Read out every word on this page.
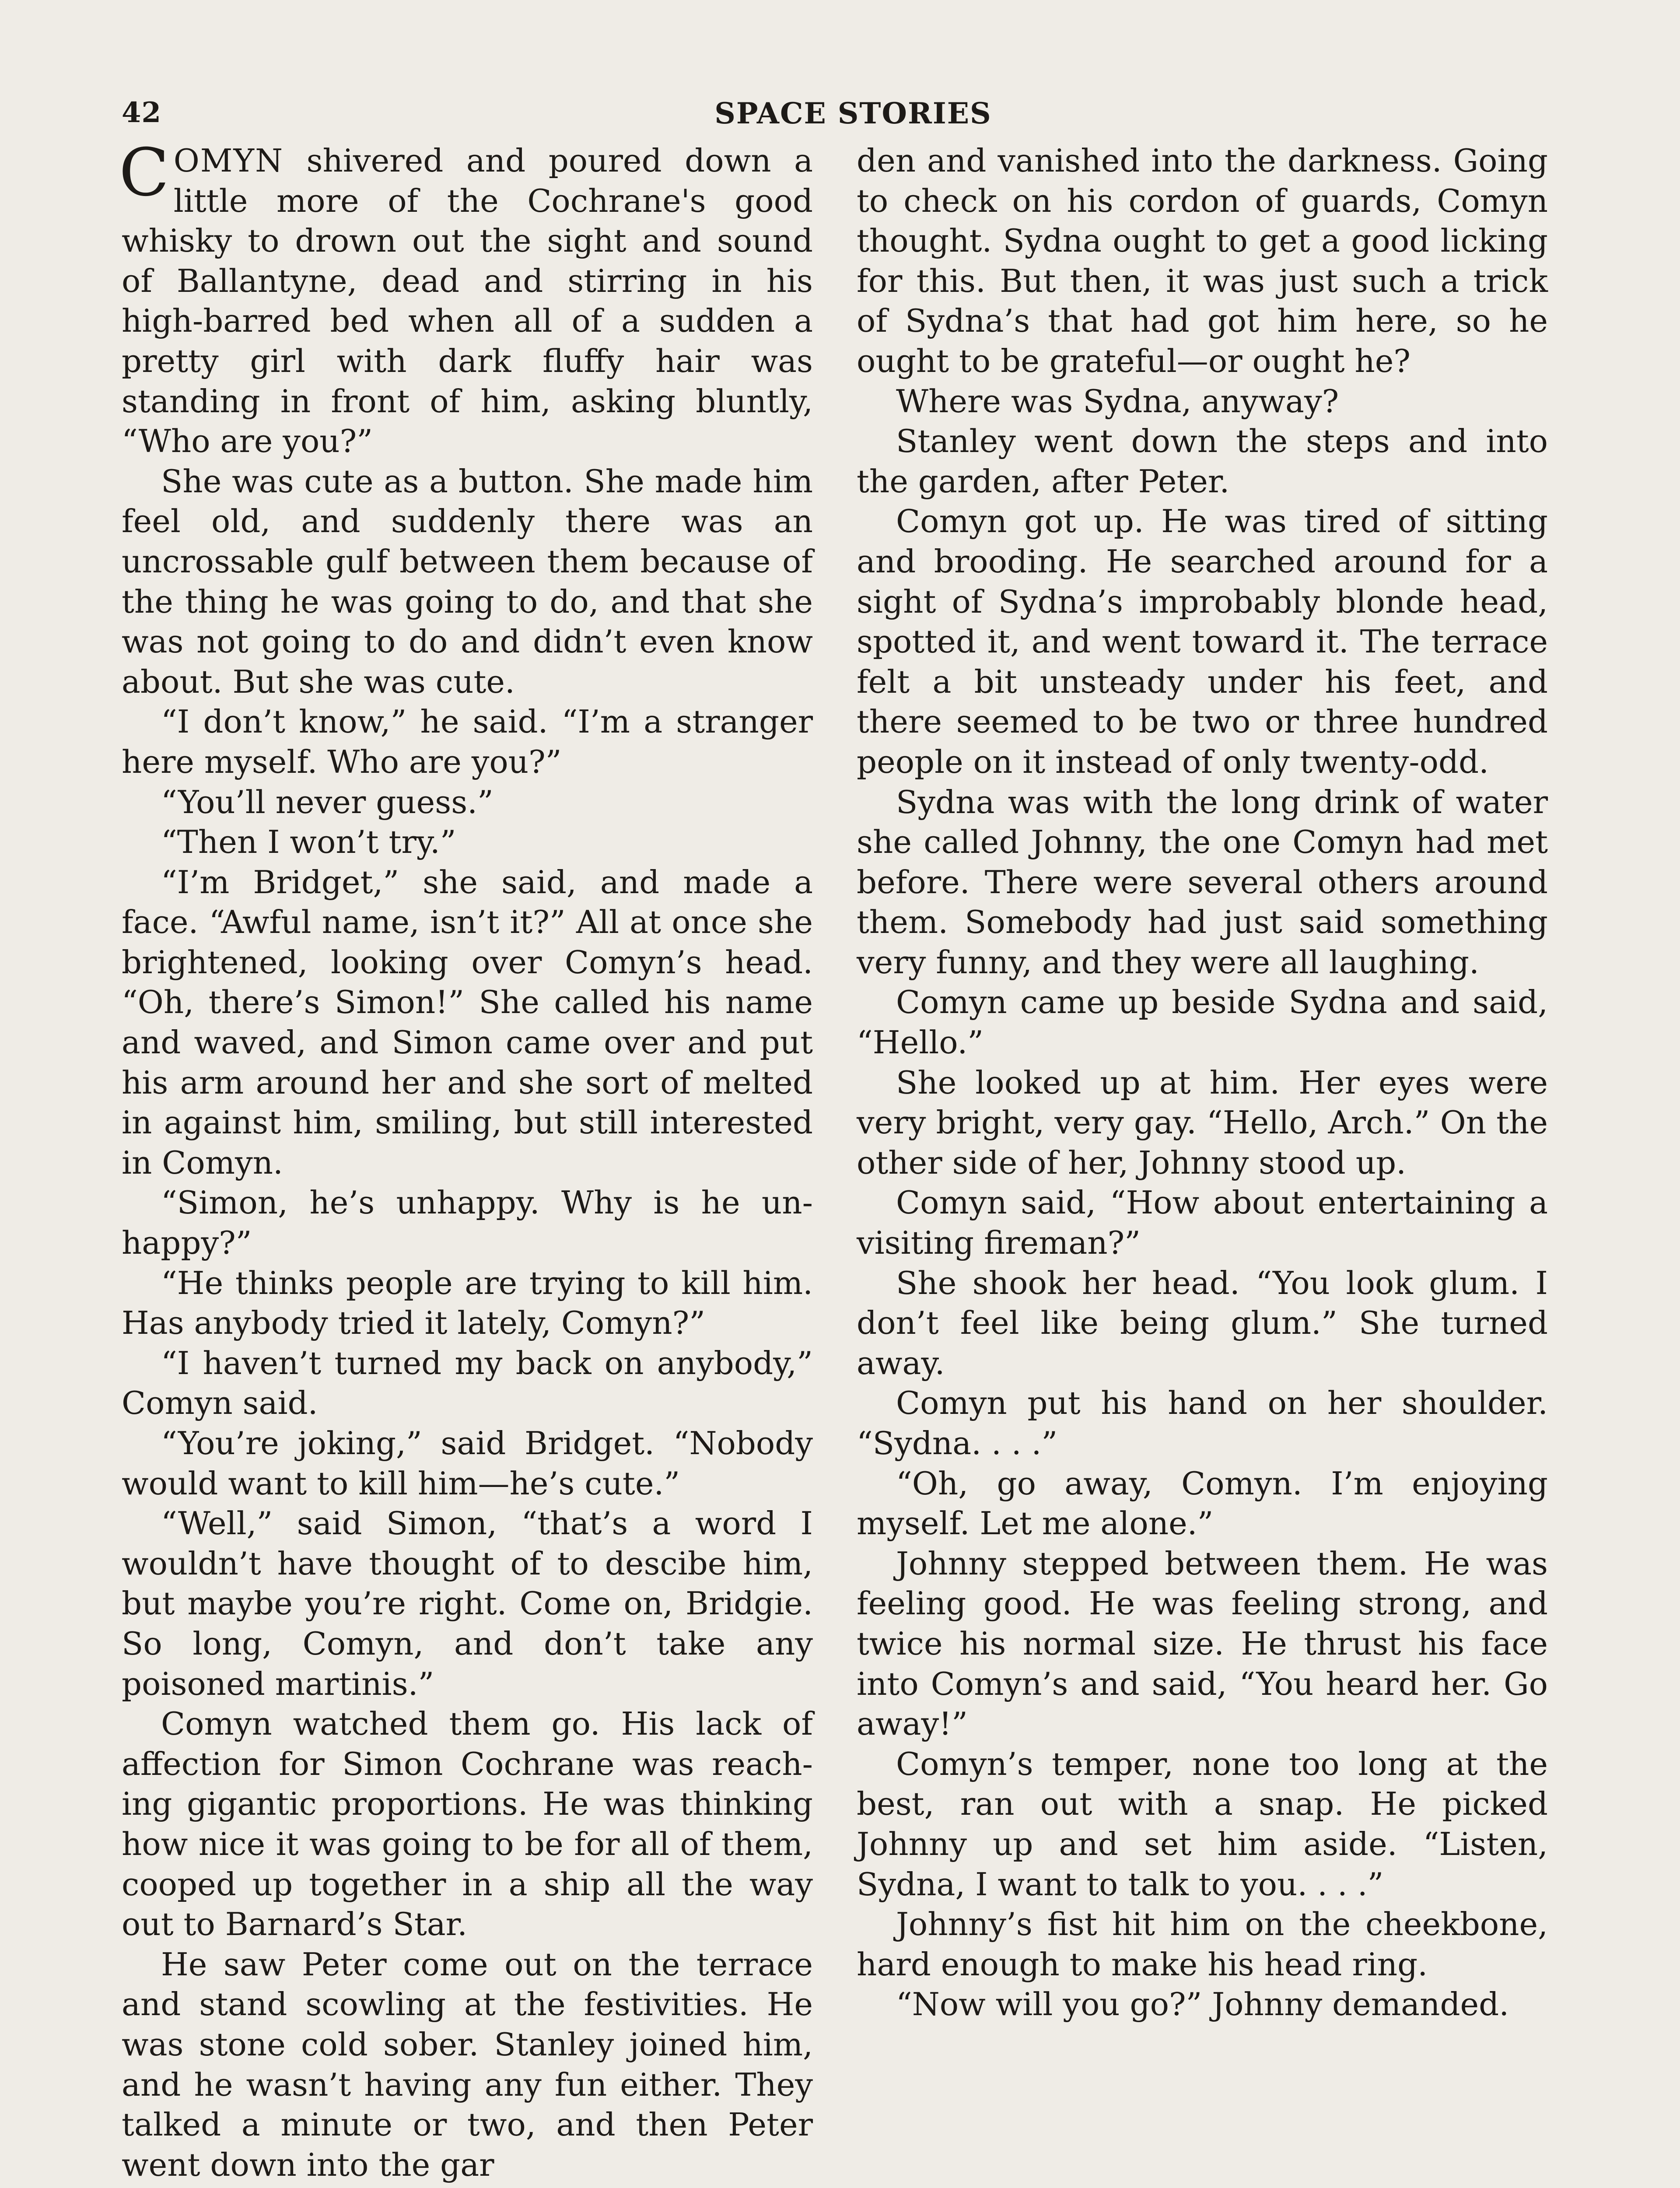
42	SPACE STORIES

COMYN shivered and poured down a little more of the Cochrane's good whisky to drown out the sight and sound of Ballantyne, dead and stirring in his high-barred bed when all of a sudden a pretty girl with dark fluffy hair was standing in front of him, asking bluntly, “Who are you?”

She was cute as a button. She made him feel old, and suddenly there was an uncrossable gulf between them because of the thing he was going to do, and that she was not going to do and didn’t even know about. But she was cute.

“I don’t know,” he said. “I’m a stranger here myself. Who are you?”

“You’ll never guess.”

“Then I won’t try.”

“I’m Bridget,” she said, and made a face. “Awful name, isn’t it?” All at once she brightened, looking over Comyn’s head. “Oh, there’s Simon!” She called his name and waved, and Simon came over and put his arm around her and she sort of melted in against him, smiling, but still interested in Comyn.

“Simon, he’s unhappy. Why is he unhappy?”

“He thinks people are trying to kill him. Has anybody tried it lately, Comyn?”

“I haven’t turned my back on anybody,” Comyn said.

“You’re joking,” said Bridget. “Nobody would want to kill him—he’s cute.”

“Well,” said Simon, “that’s a word I wouldn’t have thought of to descibe him, but maybe you’re right. Come on, Bridgie. So long, Comyn, and don’t take any poisoned martinis.”

Comyn watched them go. His lack of affection for Simon Cochrane was reaching gigantic proportions. He was thinking how nice it was going to be for all of them, cooped up together in a ship all the way out to Barnard’s Star.

He saw Peter come out on the terrace and stand scowling at the festivities. He was stone cold sober. Stanley joined him, and he wasn’t having any fun either. They talked a minute or two, and then Peter went down into the gar

den and vanished into the darkness. Going to check on his cordon of guards, Comyn thought. Sydna ought to get a good licking for this. But then, it was just such a trick of Sydna’s that had got him here, so he ought to be grateful—or ought he?

Where was Sydna, anyway?

Stanley went down the steps and into the garden, after Peter.

Comyn got up. He was tired of sitting and brooding. He searched around for a sight of Sydna’s improbably blonde head, spotted it, and went toward it. The terrace felt a bit unsteady under his feet, and there seemed to be two or three hundred people on it instead of only twenty-odd.

Sydna was with the long drink of water she called Johnny, the one Comyn had met before. There were several others around them. Somebody had just said something very funny, and they were all laughing.

Comyn came up beside Sydna and said, “Hello.”

She looked up at him. Her eyes were very bright, very gay. “Hello, Arch.” On the other side of her, Johnny stood up.

Comyn said, “How about entertaining a visiting fireman?”

She shook her head. “You look glum. I don’t feel like being glum.” She turned away.

Comyn put his hand on her shoulder. “Sydna. . . .”

“Oh, go away, Comyn. I’m enjoying myself. Let me alone.”

Johnny stepped between them. He was feeling good. He was feeling strong, and twice his normal size. He thrust his face into Comyn’s and said, “You heard her. Go away!”

Comyn’s temper, none too long at the best, ran out with a snap. He picked Johnny up and set him aside. “Listen, Sydna, I want to talk to you. . . .”

Johnny’s fist hit him on the cheekbone, hard enough to make his head ring.

“Now will you go?” Johnny demanded.
